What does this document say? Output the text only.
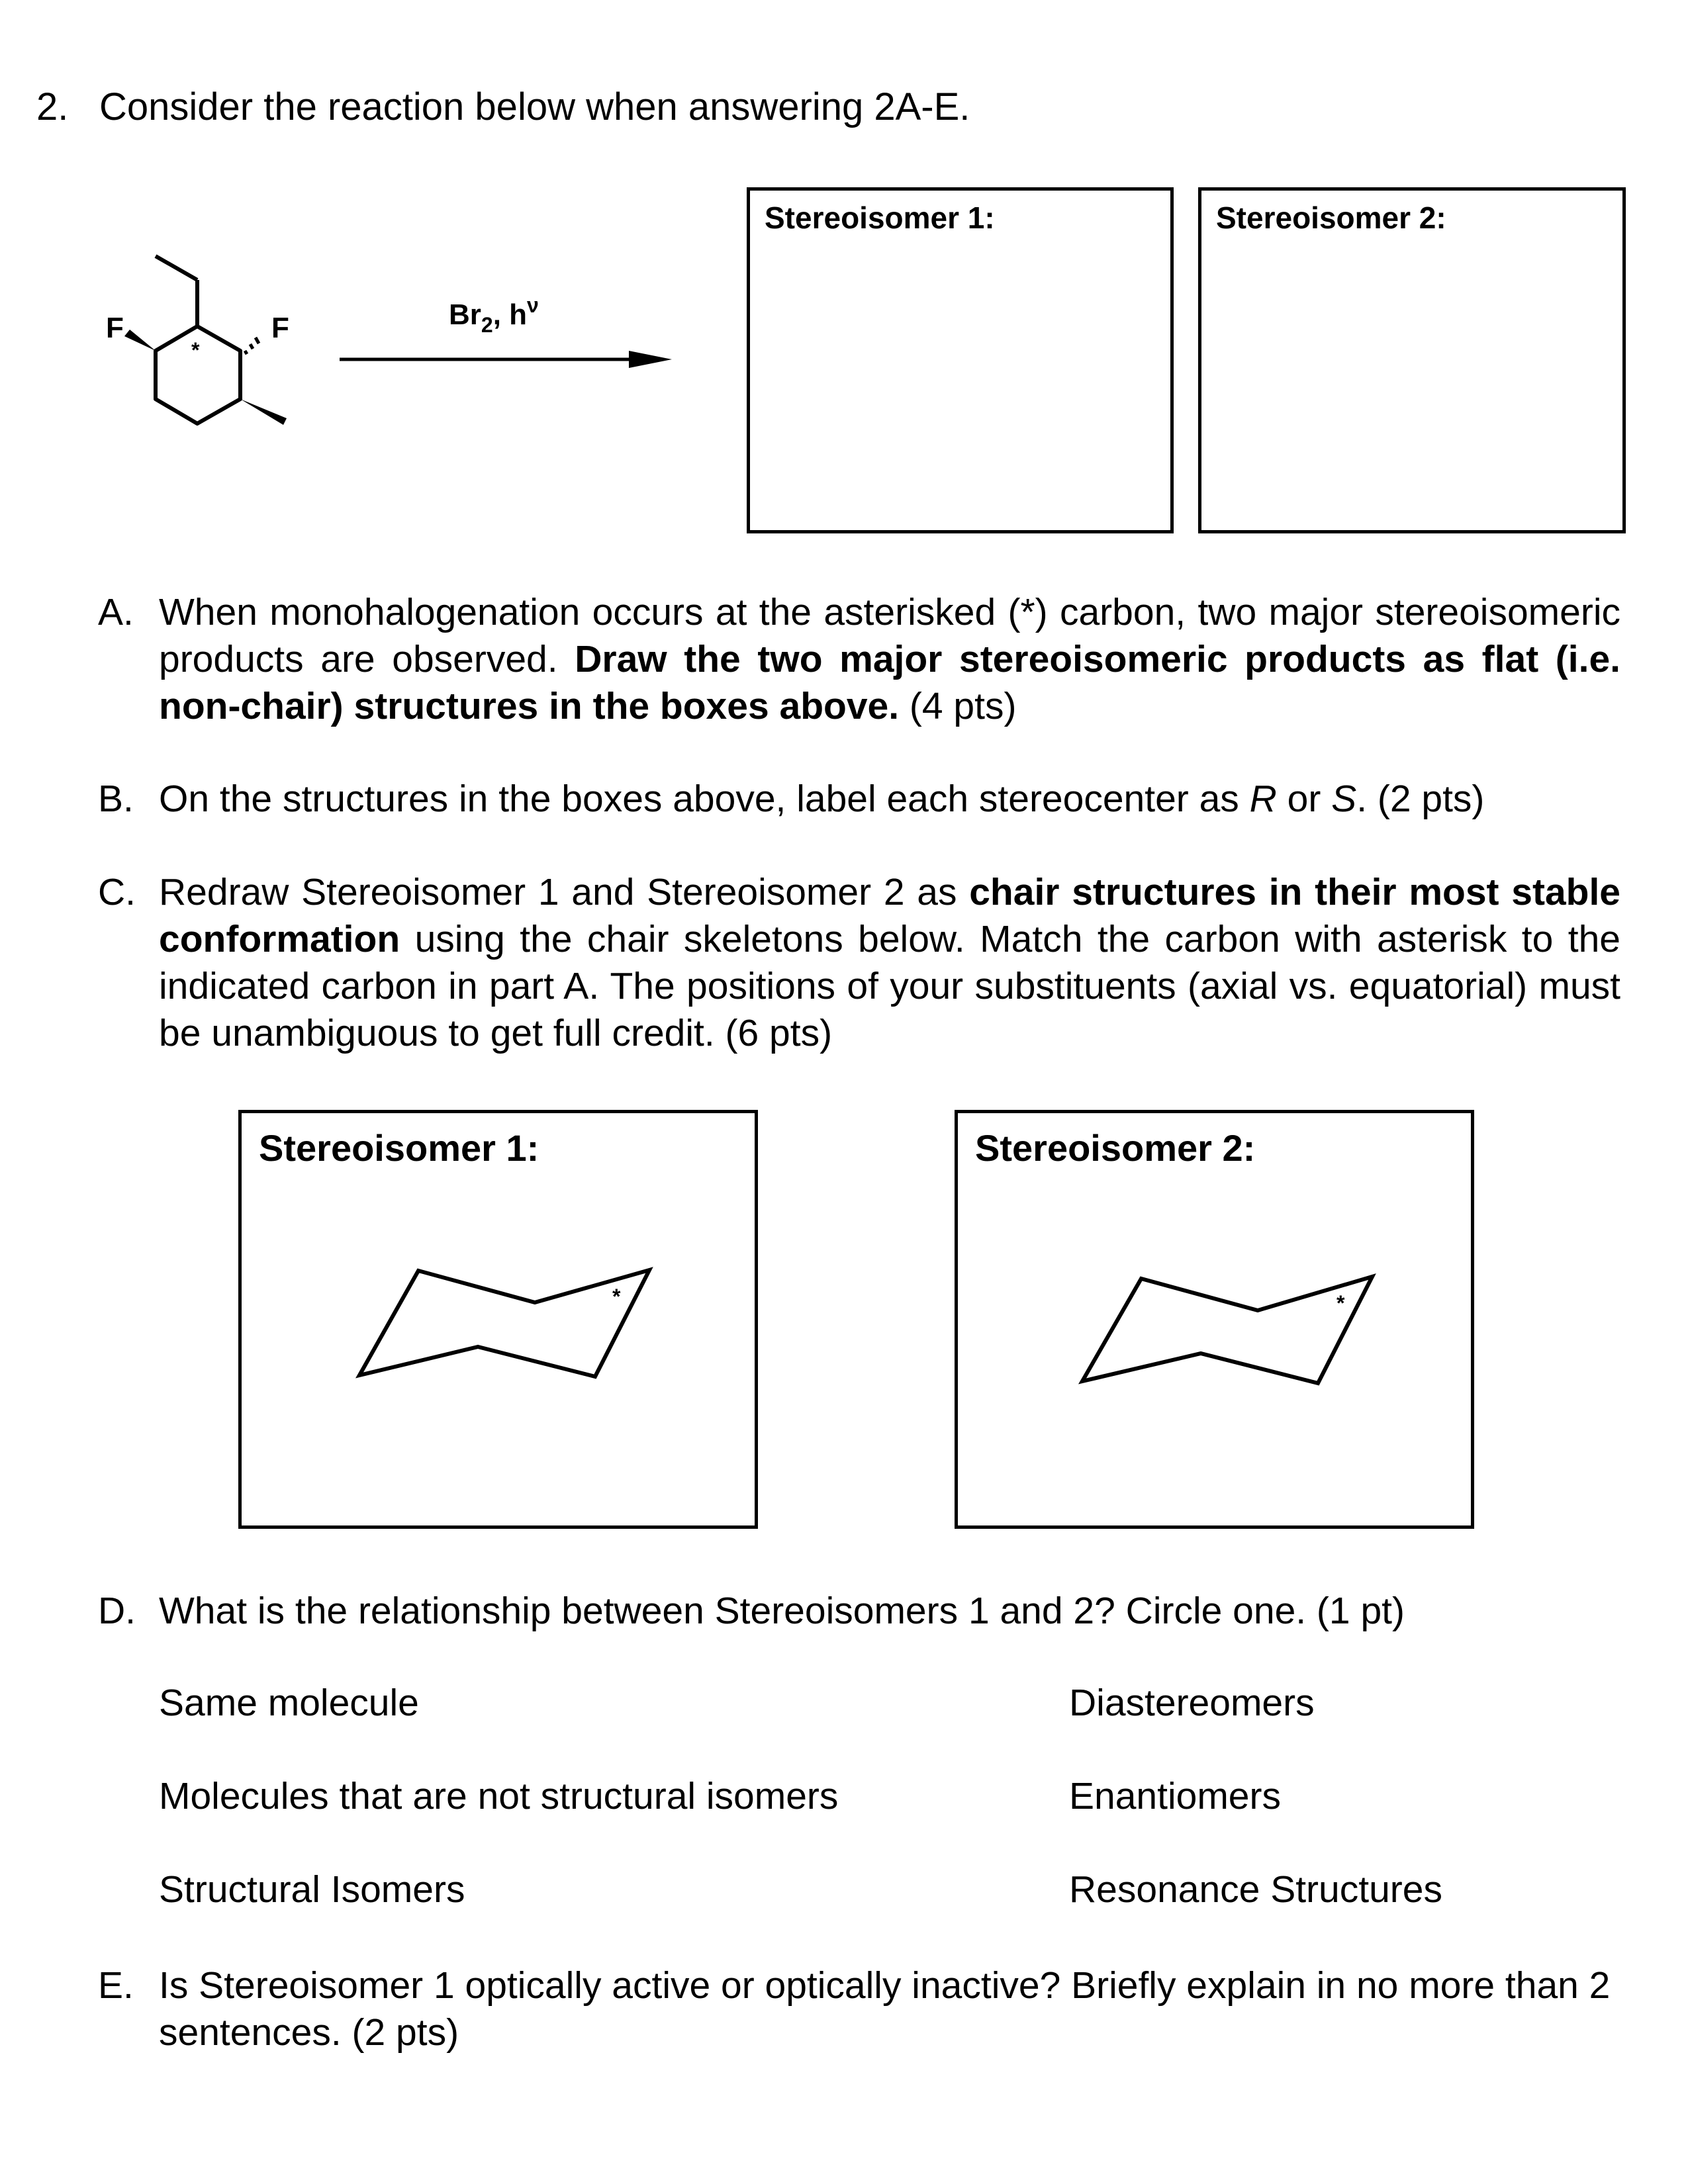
2. Consider the reaction below when answering 2A-E.
F	F
*
$Br_2$, $h^\nu$
Stereoisomer 1:	Stereoisomer 2:
A. When monohalogenation occurs at the asterisked (*) carbon, two major stereoisomeric products are observed. Draw the two major stereoisomeric products as flat (i.e. non-chair) structures in the boxes above. (4 pts)
B. On the structures in the boxes above, label each stereocenter as R or S. (2 pts)
C. Redraw Stereoisomer 1 and Stereoisomer 2 as chair structures in their most stable conformation using the chair skeletons below. Match the carbon with asterisk to the indicated carbon in part A. The positions of your substituents (axial vs. equatorial) must be unambiguous to get full credit. (6 pts)
Stereoisomer 1:
*
Stereoisomer 2:
*
D. What is the relationship between Stereoisomers 1 and 2? Circle one. (1 pt)
Same molecule	Diastereomers
Molecules that are not structural isomers	Enantiomers
Structural Isomers	Resonance Structures
E. Is Stereoisomer 1 optically active or optically inactive? Briefly explain in no more than 2 sentences. (2 pts)
